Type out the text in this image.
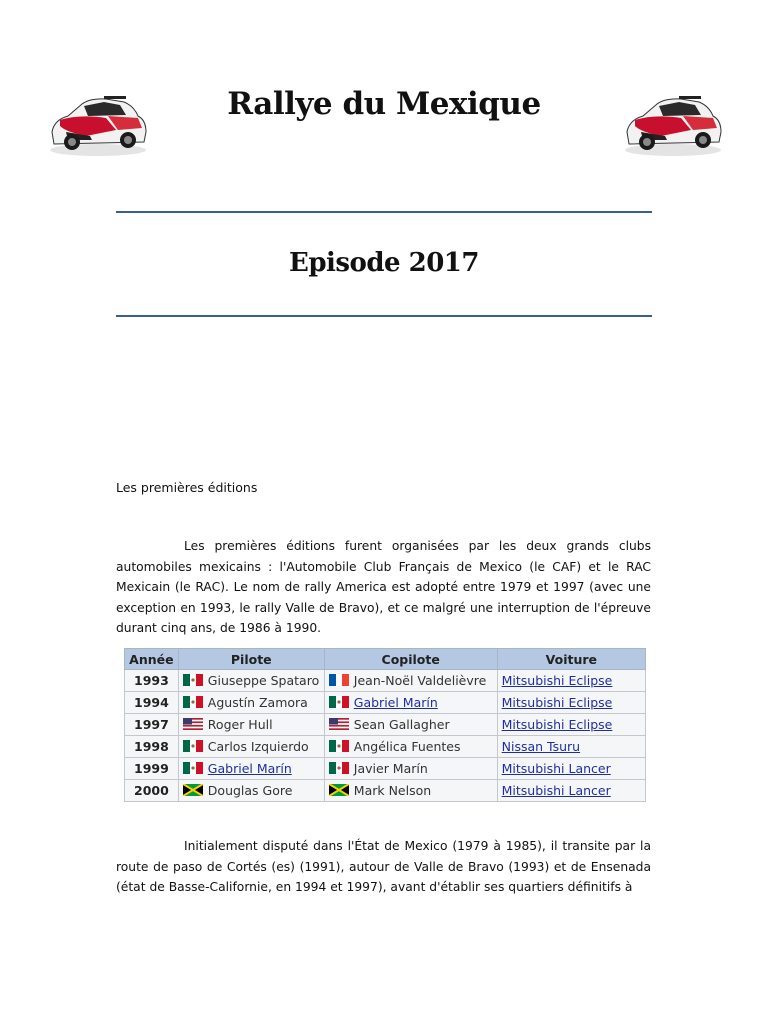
Rallye du Mexique
Episode 2017
Les premières éditions

Les premières éditions furent organisées par les deux grands clubs automobiles mexicains : l'Automobile Club Français de Mexico (le CAF) et le RAC Mexicain (le RAC). Le nom de rally America est adopté entre 1979 et 1997 (avec une exception en 1993, le rally Valle de Bravo), et ce malgré une interruption de l'épreuve durant cinq ans, de 1986 à 1990.

Année	Pilote	Copilote	Voiture
1993	Giuseppe Spataro	Jean-Noël Valdelièvre	Mitsubishi Eclipse
1994	Agustín Zamora	Gabriel Marín	Mitsubishi Eclipse
1997	Roger Hull	Sean Gallagher	Mitsubishi Eclipse
1998	Carlos Izquierdo	Angélica Fuentes	Nissan Tsuru
1999	Gabriel Marín	Javier Marín	Mitsubishi Lancer
2000	Douglas Gore	Mark Nelson	Mitsubishi Lancer

Initialement disputé dans l'État de Mexico (1979 à 1985), il transite par la route de paso de Cortés (es) (1991), autour de Valle de Bravo (1993) et de Ensenada (état de Basse-Californie, en 1994 et 1997), avant d'établir ses quartiers définitifs à
